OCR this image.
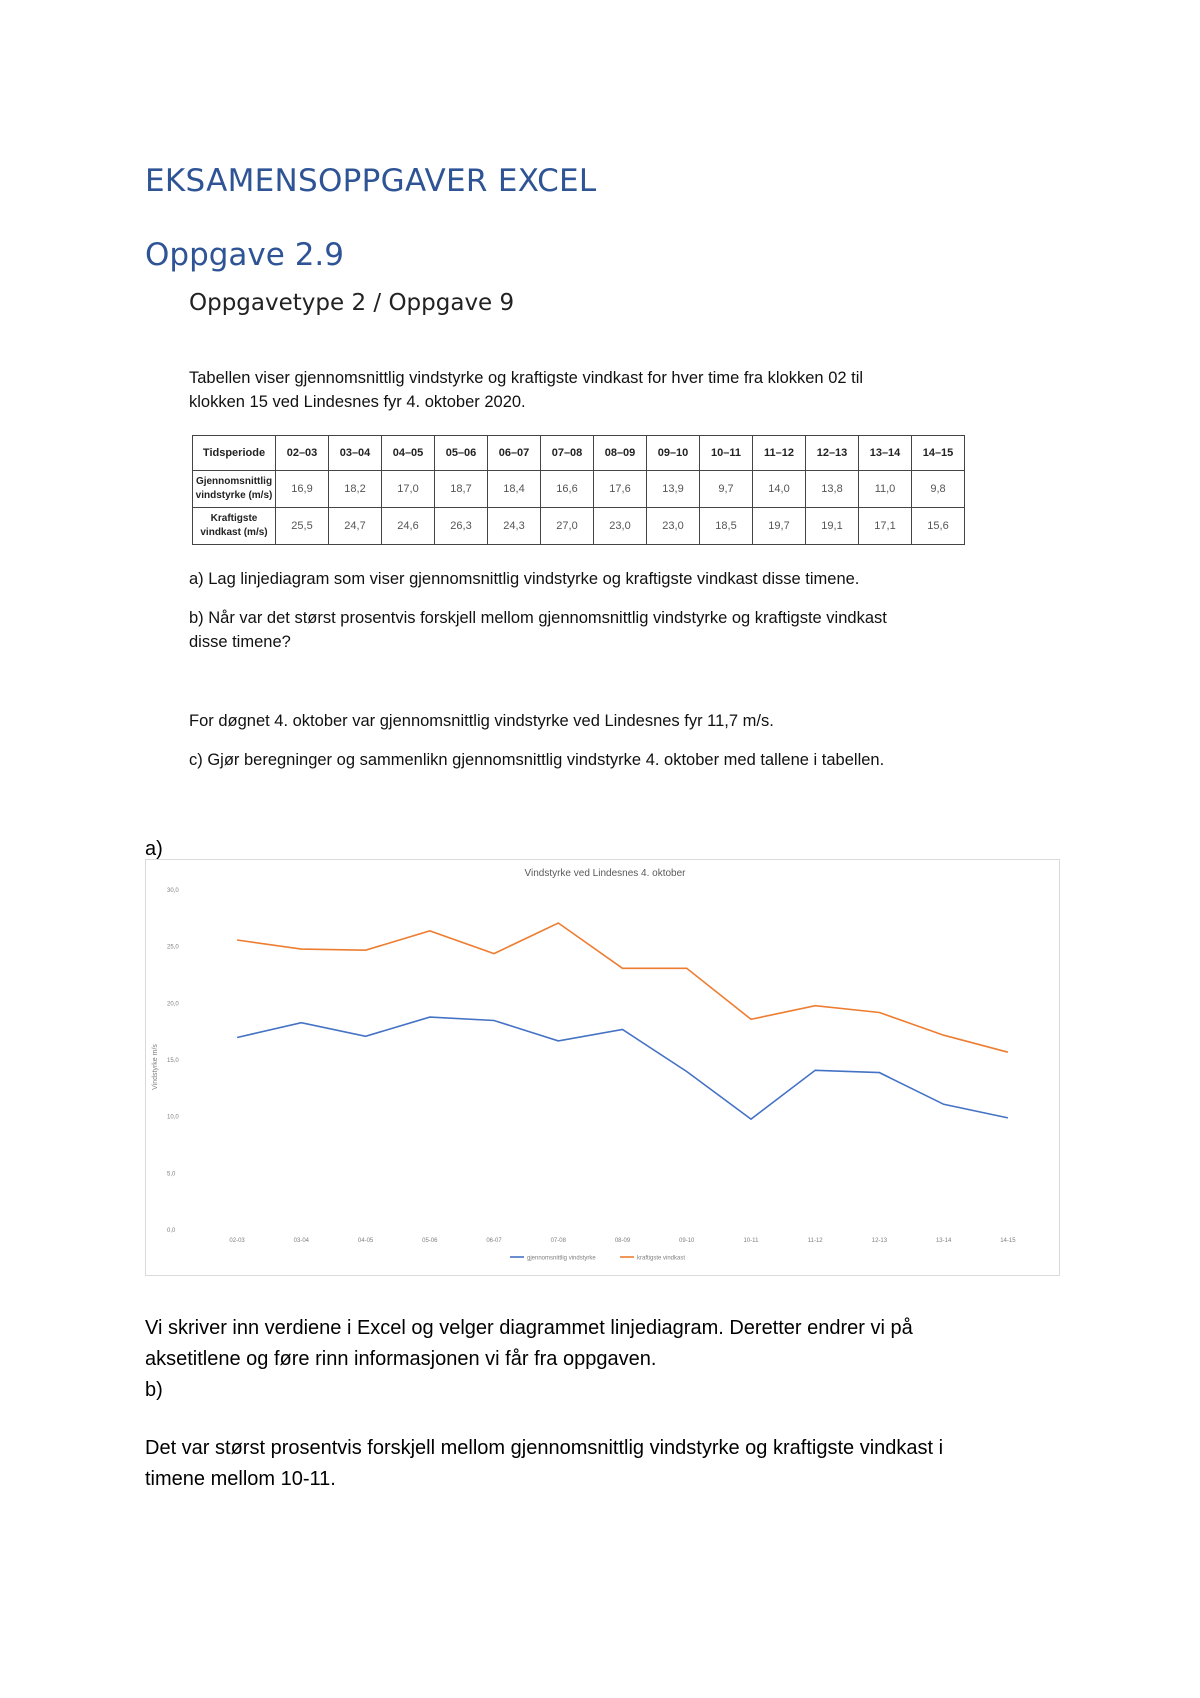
EKSAMENSOPPGAVER EXCEL
Oppgave 2.9
Oppgavetype 2 / Oppgave 9
Tabellen viser gjennomsnittlig vindstyrke og kraftigste vindkast for hver time fra klokken 02 til
klokken 15 ved Lindesnes fyr 4. oktober 2020.
Tidsperiode	02–03	03–04	04–05	05–06	06–07	07–08	08–09	09–10	10–11	11–12	12–13	13–14	14–15

Gjennomsnittlig
vindstyrke (m/s)	16,9	18,2	17,0	18,7	18,4	16,6	17,6	13,9	9,7	14,0	13,8	11,0	9,8

Kraftigste
vindkast (m/s)	25,5	24,7	24,6	26,3	24,3	27,0	23,0	23,0	18,5	19,7	19,1	17,1	15,6
a) Lag linjediagram som viser gjennomsnittlig vindstyrke og kraftigste vindkast disse timene.
b) Når var det størst prosentvis forskjell mellom gjennomsnittlig vindstyrke og kraftigste vindkast
disse timene?
For døgnet 4. oktober var gjennomsnittlig vindstyrke ved Lindesnes fyr 11,7 m/s.
c) Gjør beregninger og sammenlikn gjennomsnittlig vindstyrke 4. oktober med tallene i tabellen.
a)
Vindstyrke ved Lindesnes 4. oktober
Vindstyrke m/s
0,0
5,0
10,0
15,0
20,0
25,0
30,0
02-03	03-04	04-05	05-06	06-07	07-08	08-09	09-10	10-11	11-12	12-13	13-14	14-15
gjennomsnittlig vindstyrke	kraftigste vindkast
Vi skriver inn verdiene i Excel og velger diagrammet linjediagram. Deretter endrer vi på
aksetitlene og føre rinn informasjonen vi får fra oppgaven.
b)
Det var størst prosentvis forskjell mellom gjennomsnittlig vindstyrke og kraftigste vindkast i
timene mellom 10-11.
